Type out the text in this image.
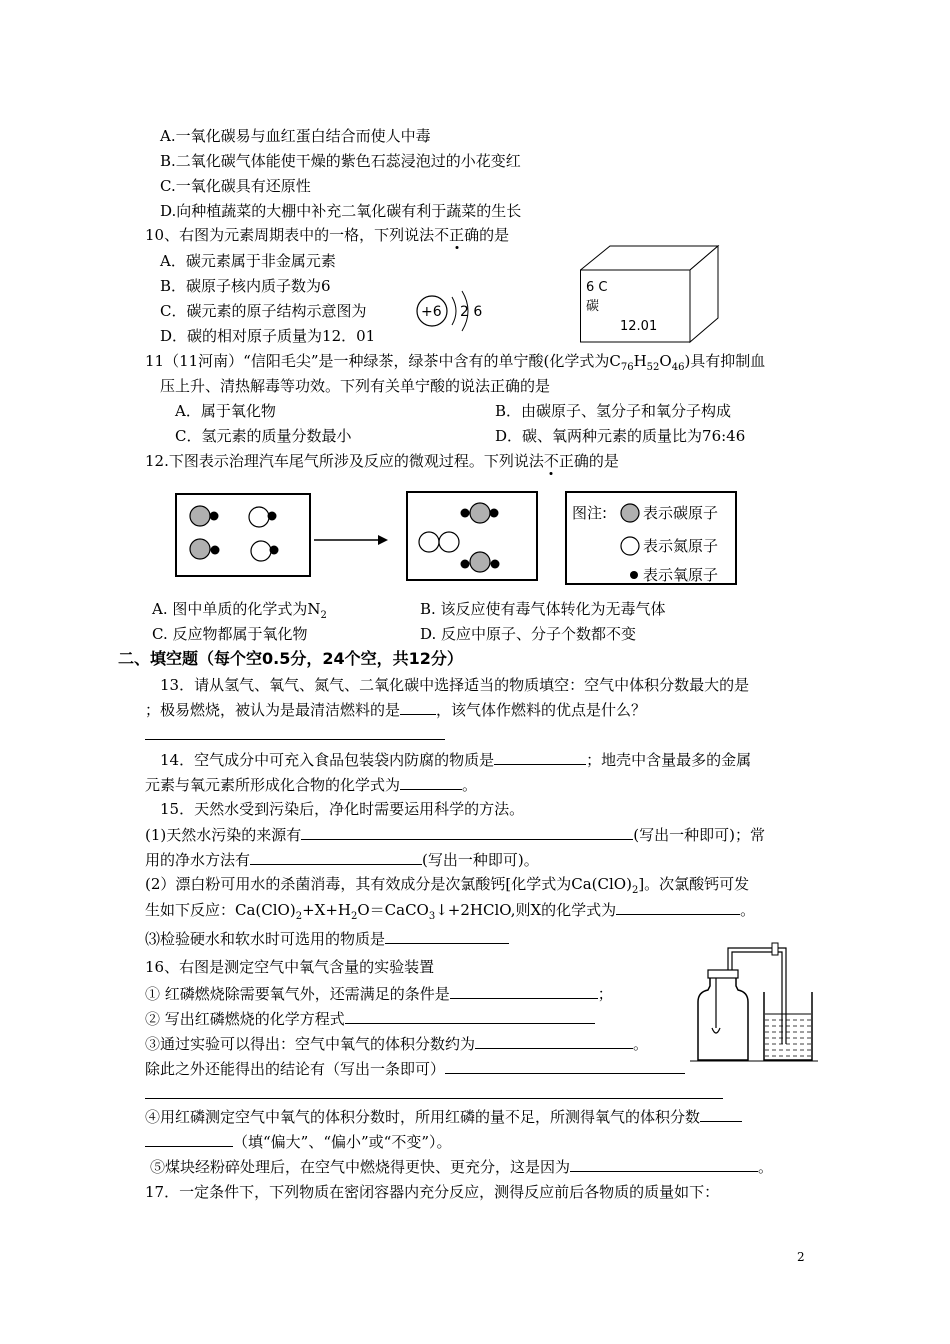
A.一氧化碳易与血红蛋白结合而使人中毒
B.二氧化碳气体能使干燥的紫色石蕊浸泡过的小花变红
C.一氧化碳具有还原性
D.向种植蔬菜的大棚中补充二氧化碳有利于蔬菜的生长
10、右图为元素周期表中的一格，下列说法不正确的是
A．碳元素属于非金属元素
B．碳原子核内质子数为6
C．碳元素的原子结构示意图为
D．碳的相对原子质量为12．01
+6 2 6
6 C
碳
12.01
11（11河南）“信阳毛尖”是一种绿茶，绿茶中含有的单宁酸(化学式为$C_{76}H_{52}O_{46}$)具有抑制血
压上升、清热解毒等功效。下列有关单宁酸的说法正确的是
A．属于氧化物	B．由碳原子、氢分子和氧分子构成
C．氢元素的质量分数最小	D．碳、氧两种元素的质量比为76:46
12.下图表示治理汽车尾气所涉及反应的微观过程。下列说法不正确的是
图注: 表示碳原子
表示氮原子
表示氧原子
A. 图中单质的化学式为$N_2$	B. 该反应使有毒气体转化为无毒气体
C. 反应物都属于氧化物	D. 反应中原子、分子个数都不变
二、填空题（每个空0.5分，24个空，共12分）
13．请从氢气、氧气、氮气、二氧化碳中选择适当的物质填空：空气中体积分数最大的是
；极易燃烧，被认为是最清洁燃料的是 ，该气体作燃料的优点是什么？
14．空气成分中可充入食品包装袋内防腐的物质是	；地壳中含量最多的金属
元素与氧元素所形成化合物的化学式为	。
15．天然水受到污染后，净化时需要运用科学的方法。
(1)天然水污染的来源有	(写出一种即可)；常
用的净水方法有	(写出一种即可)。
(2）漂白粉可用水的杀菌消毒，其有效成分是次氯酸钙[化学式为$Ca(ClO)_2$]。次氯酸钙可发
生如下反应：$Ca(ClO)_2+X+H_2O=CaCO_3↓+2HClO$,则X的化学式为	。
⑶检验硬水和软水时可选用的物质是
16、右图是测定空气中氧气含量的实验装置
① 红磷燃烧除需要氧气外，还需满足的条件是	；
② 写出红磷燃烧的化学方程式
③通过实验可以得出：空气中氧气的体积分数约为	。
除此之外还能得出的结论有（写出一条即可）
④用红磷测定空气中氧气的体积分数时，所用红磷的量不足，所测得氧气的体积分数
（填“偏大”、“偏小”或“不变”）。
⑤煤块经粉碎处理后，在空气中燃烧得更快、更充分，这是因为	。
17．一定条件下，下列物质在密闭容器内充分反应，测得反应前后各物质的质量如下：
2
